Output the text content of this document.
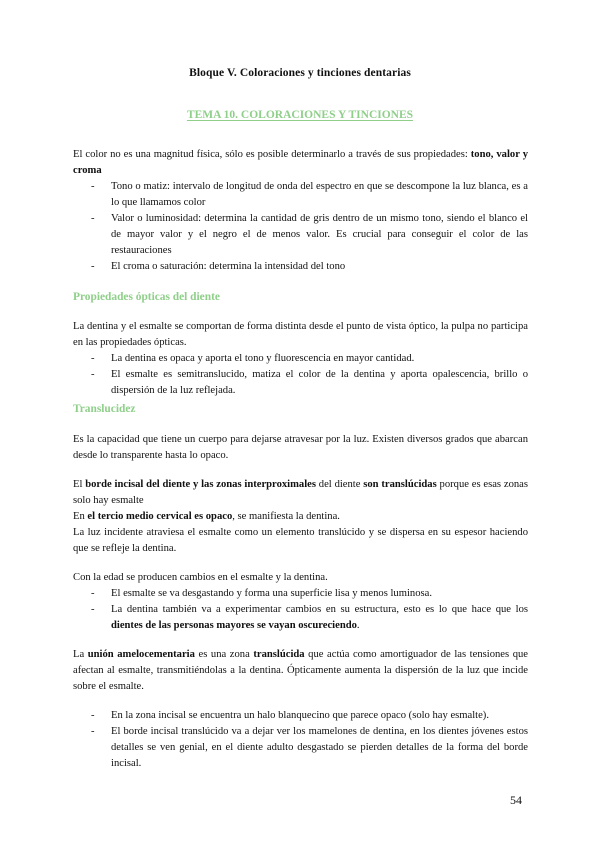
Bloque V. Coloraciones y tinciones dentarias
TEMA 10. COLORACIONES Y TINCIONES

El color no es una magnitud física, sólo es posible determinarlo a través de sus propiedades: tono, valor y croma

- Tono o matiz: intervalo de longitud de onda del espectro en que se descompone la luz blanca, es a lo que llamamos color
- Valor o luminosidad: determina la cantidad de gris dentro de un mismo tono, siendo el blanco el de mayor valor y el negro el de menos valor. Es crucial para conseguir el color de las restauraciones
- El croma o saturación: determina la intensidad del tono
Propiedades ópticas del diente

La dentina y el esmalte se comportan de forma distinta desde el punto de vista óptico, la pulpa no participa en las propiedades ópticas.

- La dentina es opaca y aporta el tono y fluorescencia en mayor cantidad.
- El esmalte es semitranslucido, matiza el color de la dentina y aporta opalescencia, brillo o dispersión de la luz reflejada.
Translucidez

Es la capacidad que tiene un cuerpo para dejarse atravesar por la luz. Existen diversos grados que abarcan desde lo transparente hasta lo opaco.

El borde incisal del diente y las zonas interproximales del diente son translúcidas porque es esas zonas solo hay esmalte

En el tercio medio cervical es opaco, se manifiesta la dentina.

La luz incidente atraviesa el esmalte como un elemento translúcido y se dispersa en su espesor haciendo que se refleje la dentina.

Con la edad se producen cambios en el esmalte y la dentina.

- El esmalte se va desgastando y forma una superficie lisa y menos luminosa.
- La dentina también va a experimentar cambios en su estructura, esto es lo que hace que los dientes de las personas mayores se vayan oscureciendo.

La unión amelocementaria es una zona translúcida que actúa como amortiguador de las tensiones que afectan al esmalte, transmitiéndolas a la dentina. Ópticamente aumenta la dispersión de la luz que incide sobre el esmalte.

- En la zona incisal se encuentra un halo blanquecino que parece opaco (solo hay esmalte).
- El borde incisal translúcido va a dejar ver los mamelones de dentina, en los dientes jóvenes estos detalles se ven genial, en el diente adulto desgastado se pierden detalles de la forma del borde incisal.
54
